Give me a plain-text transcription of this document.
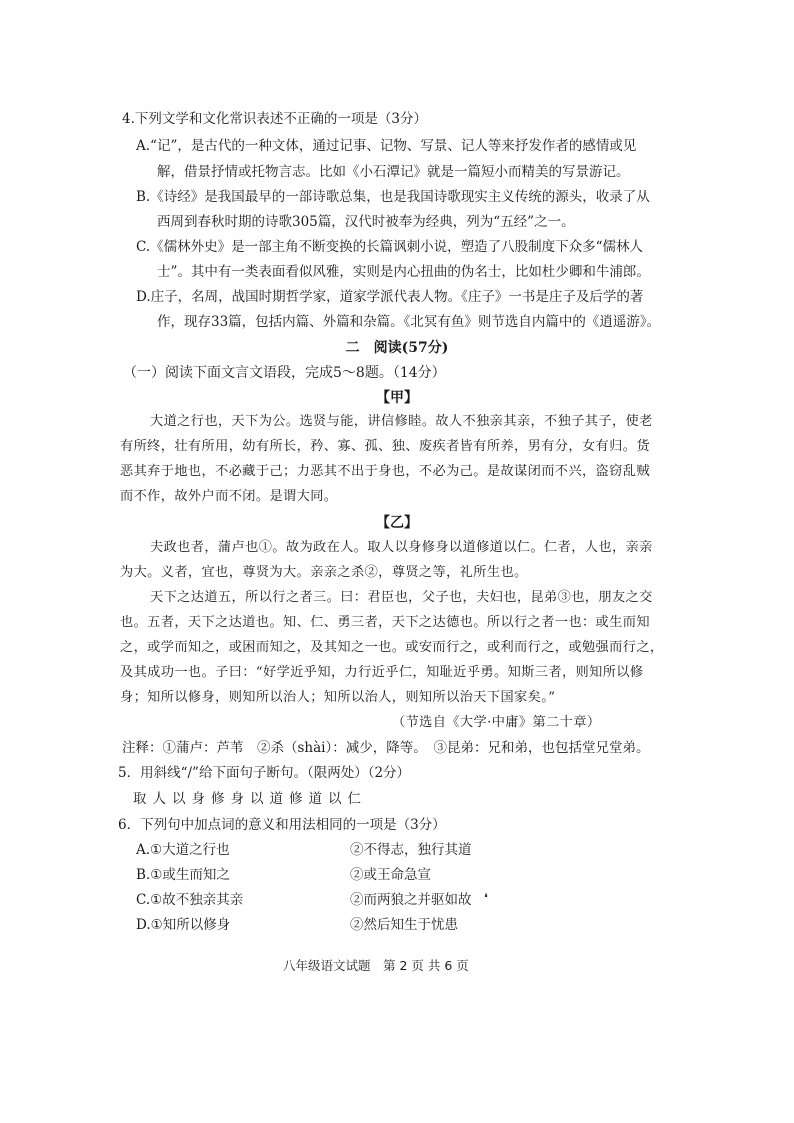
4.下列文学和文化常识表述不正确的一项是（3分）
A.“记”，是古代的一种文体，通过记事、记物、写景、记人等来抒发作者的感情或见
解，借景抒情或托物言志。比如《小石潭记》就是一篇短小而精美的写景游记。
B.《诗经》是我国最早的一部诗歌总集，也是我国诗歌现实主义传统的源头，收录了从
西周到春秋时期的诗歌305篇，汉代时被奉为经典，列为“五经”之一。
C.《儒林外史》是一部主角不断变换的长篇讽刺小说，塑造了八股制度下众多“儒林人
士”。其中有一类表面看似风雅，实则是内心扭曲的伪名士，比如杜少卿和牛浦郎。
D.庄子，名周，战国时期哲学家，道家学派代表人物。《庄子》一书是庄子及后学的著
作，现存33篇，包括内篇、外篇和杂篇。《北冥有鱼》则节选自内篇中的《逍遥游》。
二　阅读(57分)
（一）阅读下面文言文语段，完成5～8题。（14分）
【甲】
大道之行也，天下为公。选贤与能，讲信修睦。故人不独亲其亲，不独子其子，使老
有所终，壮有所用，幼有所长，矜、寡、孤、独、废疾者皆有所养，男有分，女有归。货
恶其弃于地也，不必藏于己；力恶其不出于身也，不必为己。是故谋闭而不兴，盗窃乱贼
而不作，故外户而不闭。是谓大同。
【乙】
夫政也者，蒲卢也①。故为政在人。取人以身修身以道修道以仁。仁者，人也，亲亲
为大。义者，宜也，尊贤为大。亲亲之杀②，尊贤之等，礼所生也。
天下之达道五，所以行之者三。曰：君臣也，父子也，夫妇也，昆弟③也，朋友之交
也。五者，天下之达道也。知、仁、勇三者，天下之达德也。所以行之者一也：或生而知
之，或学而知之，或困而知之，及其知之一也。或安而行之，或利而行之，或勉强而行之，
及其成功一也。子曰：“好学近乎知，力行近乎仁，知耻近乎勇。知斯三者，则知所以修
身；知所以修身，则知所以治人；知所以治人，则知所以治天下国家矣。”
（节选自《大学·中庸》第二十章）
注释：①蒲卢：芦苇　②杀（shài）：减少，降等。　③昆弟：兄和弟，也包括堂兄堂弟。
5．用斜线“/”给下面句子断句。（限两处）（2分）
取人以身修身以道修道以仁
6．下列句中加点词的意义和用法相同的一项是（3分）
A.①大道之行也	②不得志，独行其道
B.①或生而知之	②或王命急宣
C.①故不独亲其亲	②而两狼之并驱如故
D.①知所以修身	②然后知生于忧患
❛
八年级语文试题　第 2 页 共 6 页
